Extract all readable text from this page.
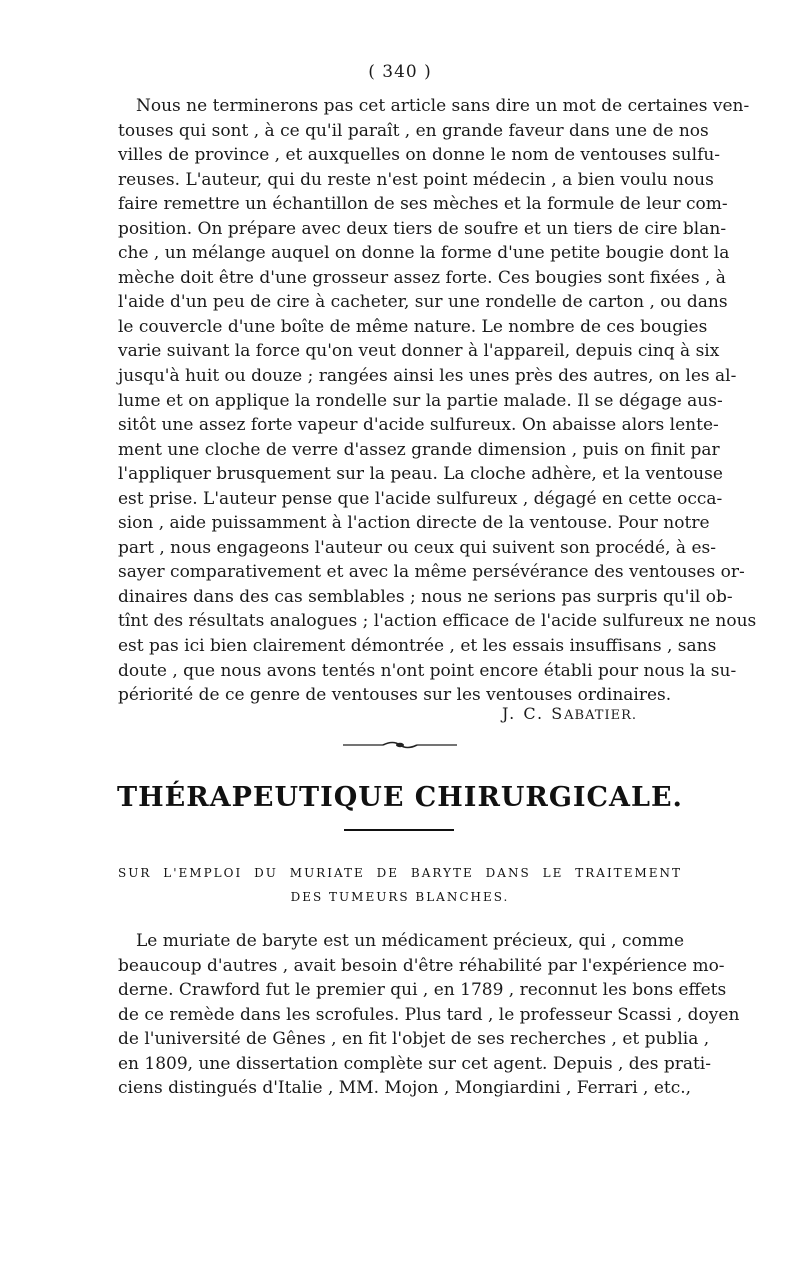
( 340 )
Nous ne terminerons pas cet article sans dire un mot de certaines ven-
touses qui sont , à ce qu'il paraît , en grande faveur dans une de nos
villes de province , et auxquelles on donne le nom de ventouses sulfu-
reuses. L'auteur, qui du reste n'est point médecin , a bien voulu nous
faire remettre un échantillon de ses mèches et la formule de leur com-
position. On prépare avec deux tiers de soufre et un tiers de cire blan-
che , un mélange auquel on donne la forme d'une petite bougie dont la
mèche doit être d'une grosseur assez forte. Ces bougies sont fixées , à
l'aide d'un peu de cire à cacheter, sur une rondelle de carton , ou dans
le couvercle d'une boîte de même nature. Le nombre de ces bougies
varie suivant la force qu'on veut donner à l'appareil, depuis cinq à six
jusqu'à huit ou douze ; rangées ainsi les unes près des autres, on les al-
lume et on applique la rondelle sur la partie malade. Il se dégage aus-
sitôt une assez forte vapeur d'acide sulfureux. On abaisse alors lente-
ment une cloche de verre d'assez grande dimension , puis on finit par
l'appliquer brusquement sur la peau. La cloche adhère, et la ventouse
est prise. L'auteur pense que l'acide sulfureux , dégagé en cette occa-
sion , aide puissamment à l'action directe de la ventouse. Pour notre
part , nous engageons l'auteur ou ceux qui suivent son procédé, à es-
sayer comparativement et avec la même persévérance des ventouses or-
dinaires dans des cas semblables ; nous ne serions pas surpris qu'il ob-
tînt des résultats analogues ; l'action efficace de l'acide sulfureux ne nous
est pas ici bien clairement démontrée , et les essais insuffisans , sans
doute , que nous avons tentés n'ont point encore établi pour nous la su-
périorité de ce genre de ventouses sur les ventouses ordinaires.
J. C. SABATIER.
THÉRAPEUTIQUE CHIRURGICALE.
SUR L'EMPLOI DU MURIATE DE BARYTE DANS LE TRAITEMENT
DES TUMEURS BLANCHES.
Le muriate de baryte est un médicament précieux, qui , comme
beaucoup d'autres , avait besoin d'être réhabilité par l'expérience mo-
derne. Crawford fut le premier qui , en 1789 , reconnut les bons effets
de ce remède dans les scrofules. Plus tard , le professeur Scassi , doyen
de l'université de Gênes , en fit l'objet de ses recherches , et publia ,
en 1809, une dissertation complète sur cet agent. Depuis , des prati-
ciens distingués d'Italie , MM. Mojon , Mongiardini , Ferrari , etc.,
